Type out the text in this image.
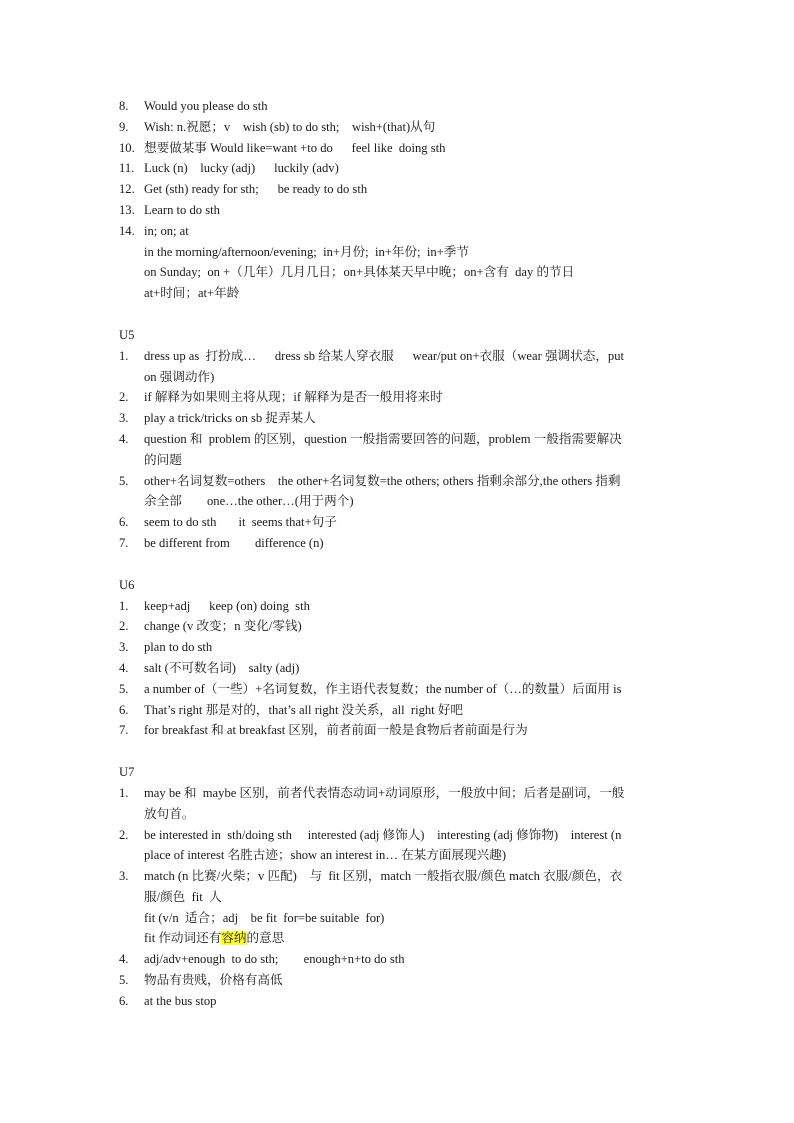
8. Would you please do sth
9. Wish: n.祝愿；v    wish (sb) to do sth;    wish+(that)从句
10. 想要做某事 Would like=want +to do      feel like  doing sth
11. Luck (n)    lucky (adj)      luckily (adv)
12. Get (sth) ready for sth;      be ready to do sth
13. Learn to do sth
14. in; on; at
in the morning/afternoon/evening;  in+月份;  in+年份;  in+季节
on Sunday;  on +（几年）几月几日；on+具体某天早中晚；on+含有  day 的节日
at+时间；at+年龄
U5
1. dress up as  打扮成…      dress sb 给某人穿衣服      wear/put on+衣服（wear 强调状态，put
on 强调动作)
2. if 解释为如果则主将从现；if 解释为是否一般用将来时
3. play a trick/tricks on sb 捉弄某人
4. question 和  problem 的区别，question 一般指需要回答的问题，problem 一般指需要解决
的问题
5. other+名词复数=others    the other+名词复数=the others; others 指剩余部分,the others 指剩
余全部        one…the other…(用于两个)
6. seem to do sth       it  seems that+句子
7. be different from        difference (n)
U6
1. keep+adj      keep (on) doing  sth
2. change (v 改变；n 变化/零钱)
3. plan to do sth
4. salt (不可数名词)    salty (adj)
5. a number of（一些）+名词复数，作主语代表复数；the number of（…的数量）后面用 is
6. That’s right 那是对的，that’s all right 没关系，all  right 好吧
7. for breakfast 和 at breakfast 区别，前者前面一般是食物后者前面是行为
U7
1. may be 和  maybe 区别，前者代表情态动词+动词原形，一般放中间；后者是副词，一般
放句首。
2. be interested in  sth/doing sth     interested (adj 修饰人)    interesting (adj 修饰物)    interest (n
place of interest 名胜古迹；show an interest in… 在某方面展现兴趣)
3. match (n 比赛/火柴；v 匹配)    与  fit 区别，match 一般指衣服/颜色 match 衣服/颜色，衣
服/颜色  fit  人
fit (v/n  适合；adj    be fit  for=be suitable  for)
fit 作动词还有容纳的意思
4. adj/adv+enough  to do sth;        enough+n+to do sth
5. 物品有贵贱，价格有高低
6. at the bus stop
